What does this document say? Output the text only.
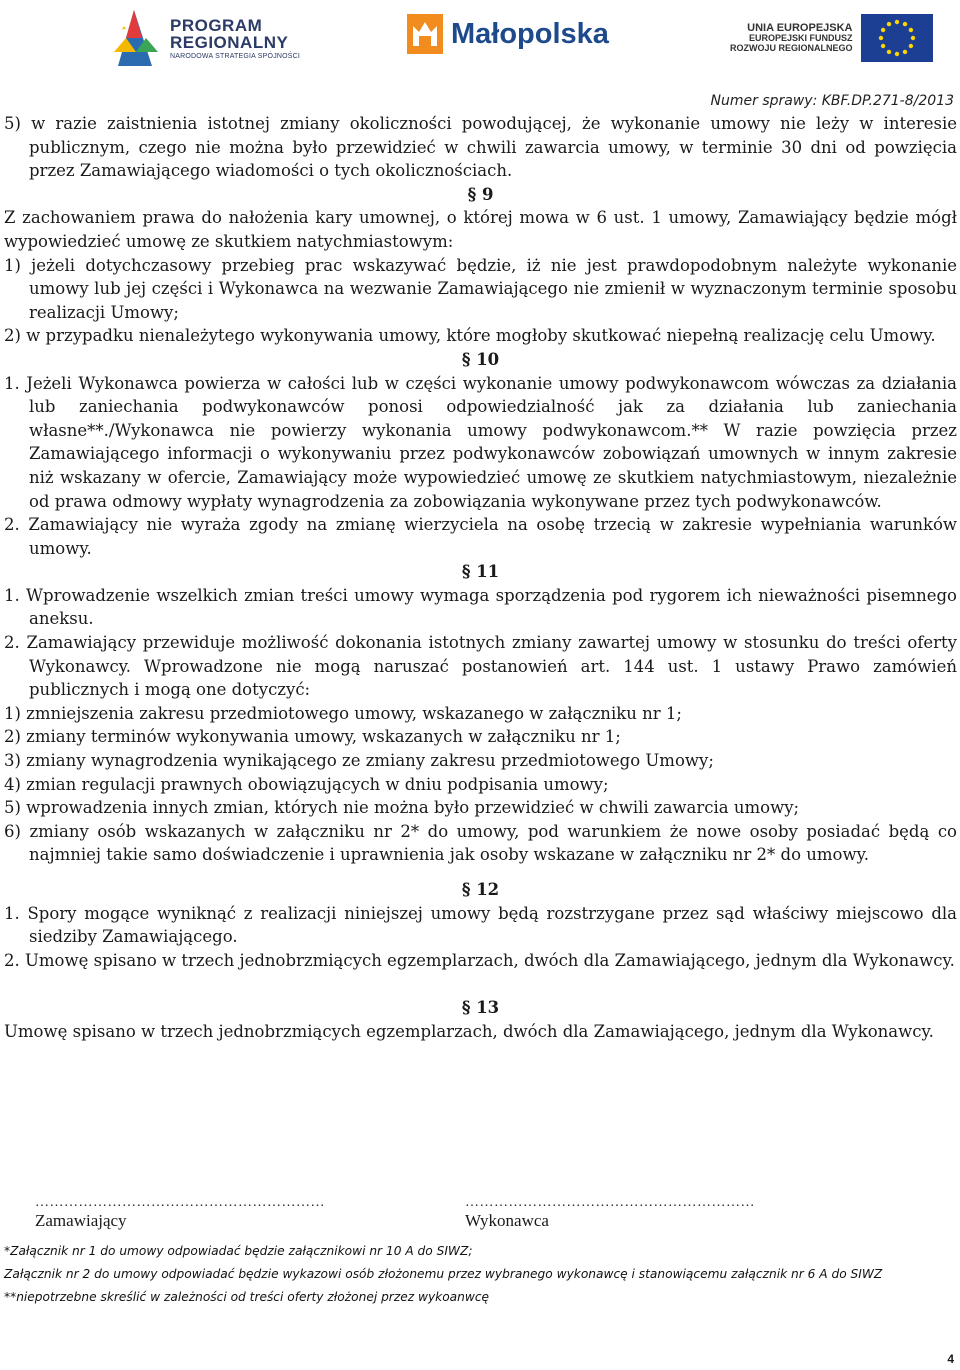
PROGRAM
REGIONALNY
NARODOWA STRATEGIA SPÓJNOŚCI
Małopolska	UNIA EUROPEJSKA
EUROPEJSKI FUNDUSZ
ROZWOJU REGIONALNEGO
Numer sprawy: KBF.DP.271-8/2013

5) w razie zaistnienia istotnej zmiany okoliczności powodującej, że wykonanie umowy nie leży w interesie publicznym, czego nie można było przewidzieć w chwili zawarcia umowy, w terminie 30 dni od powzięcia przez Zamawiającego wiadomości o tych okolicznościach.

§ 9

Z zachowaniem prawa do nałożenia kary umownej, o której mowa w 6 ust. 1 umowy, Zamawiający będzie mógł wypowiedzieć umowę ze skutkiem natychmiastowym:

1) jeżeli dotychczasowy przebieg prac wskazywać będzie, iż nie jest prawdopodobnym należyte wykonanie umowy lub jej części i Wykonawca na wezwanie Zamawiającego nie zmienił w wyznaczonym terminie sposobu realizacji Umowy;

2) w przypadku nienależytego wykonywania umowy, które mogłoby skutkować niepełną realizację celu Umowy.

§ 10

1. Jeżeli Wykonawca powierza w całości lub w części wykonanie umowy podwykonawcom wówczas za działania lub zaniechania podwykonawców ponosi odpowiedzialność jak za działania lub zaniechania własne**./Wykonawca nie powierzy wykonania umowy podwykonawcom.** W razie powzięcia przez Zamawiającego informacji o wykonywaniu przez podwykonawców zobowiązań umownych w innym zakresie niż wskazany w ofercie, Zamawiający może wypowiedzieć umowę ze skutkiem natychmiastowym, niezależnie od prawa odmowy wypłaty wynagrodzenia za zobowiązania wykonywane przez tych podwykonawców.

2. Zamawiający nie wyraża zgody na zmianę wierzyciela na osobę trzecią w zakresie wypełniania warunków umowy.

§ 11

1. Wprowadzenie wszelkich zmian treści umowy wymaga sporządzenia pod rygorem ich nieważności pisemnego aneksu.

2. Zamawiający przewiduje możliwość dokonania istotnych zmiany zawartej umowy w stosunku do treści oferty Wykonawcy. Wprowadzone nie mogą naruszać postanowień art. 144 ust. 1 ustawy Prawo zamówień publicznych i mogą one dotyczyć:

1) zmniejszenia zakresu przedmiotowego umowy, wskazanego w załączniku nr 1;

2) zmiany terminów wykonywania umowy, wskazanych w załączniku nr 1;

3) zmiany wynagrodzenia wynikającego ze zmiany zakresu przedmiotowego Umowy;

4) zmian regulacji prawnych obowiązujących w dniu podpisania umowy;

5) wprowadzenia innych zmian, których nie można było przewidzieć w chwili zawarcia umowy;

6) zmiany osób wskazanych w załączniku nr 2* do umowy, pod warunkiem że nowe osoby posiadać będą co najmniej takie samo doświadczenie i uprawnienia jak osoby wskazane w załączniku nr 2* do umowy.

§ 12

1. Spory mogące wyniknąć z realizacji niniejszej umowy będą rozstrzygane przez sąd właściwy miejscowo dla siedziby Zamawiającego.

2. Umowę spisano w trzech jednobrzmiących egzemplarzach, dwóch dla Zamawiającego, jednym dla Wykonawcy.

§ 13

Umowę spisano w trzech jednobrzmiących egzemplarzach, dwóch dla Zamawiającego, jednym dla Wykonawcy.

……………………………………………………
Zamawiający
……………………………………………………
Wykonawca
*Załącznik nr 1 do umowy odpowiadać będzie załącznikowi nr 10 A do SIWZ;
Załącznik nr 2 do umowy odpowiadać będzie wykazowi osób złożonemu przez wybranego wykonawcę i stanowiącemu załącznik nr 6 A do SIWZ
**niepotrzebne skreślić w zależności od treści oferty złożonej przez wykoanwcę
4
